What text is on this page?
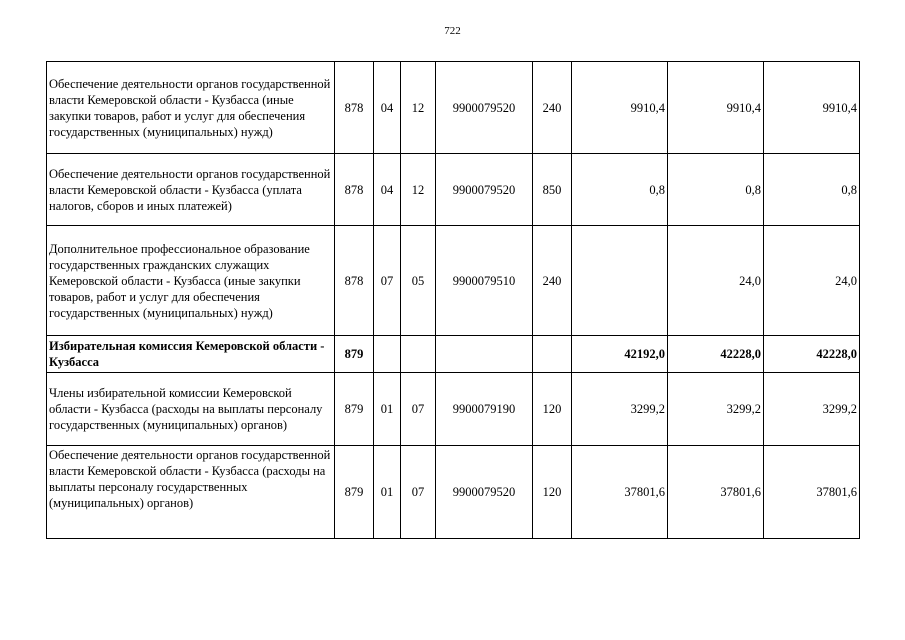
722
Обеспечение деятельности органов государственной власти Кемеровской области - Кузбасса (иные закупки товаров, работ и услуг для обеспечения государственных (муниципальных) нужд)	878	04	12	9900079520	240	9910,4	9910,4	9910,4
Обеспечение деятельности органов государственной власти Кемеровской области - Кузбасса (уплата налогов, сборов и иных платежей)	878	04	12	9900079520	850	0,8	0,8	0,8
Дополнительное профессиональное образование государственных гражданских служащих Кемеровской области - Кузбасса (иные закупки товаров, работ и услуг для обеспечения государственных (муниципальных) нужд)	878	07	05	9900079510	240		24,0	24,0
Избирательная комиссия Кемеровской области - Кузбасса	879					42192,0	42228,0	42228,0
Члены избирательной комиссии Кемеровской области - Кузбасса (расходы на выплаты персоналу государственных (муниципальных) органов)	879	01	07	9900079190	120	3299,2	3299,2	3299,2
Обеспечение деятельности органов государственной власти Кемеровской области - Кузбасса (расходы на выплаты персоналу государственных (муниципальных) органов)	879	01	07	9900079520	120	37801,6	37801,6	37801,6
